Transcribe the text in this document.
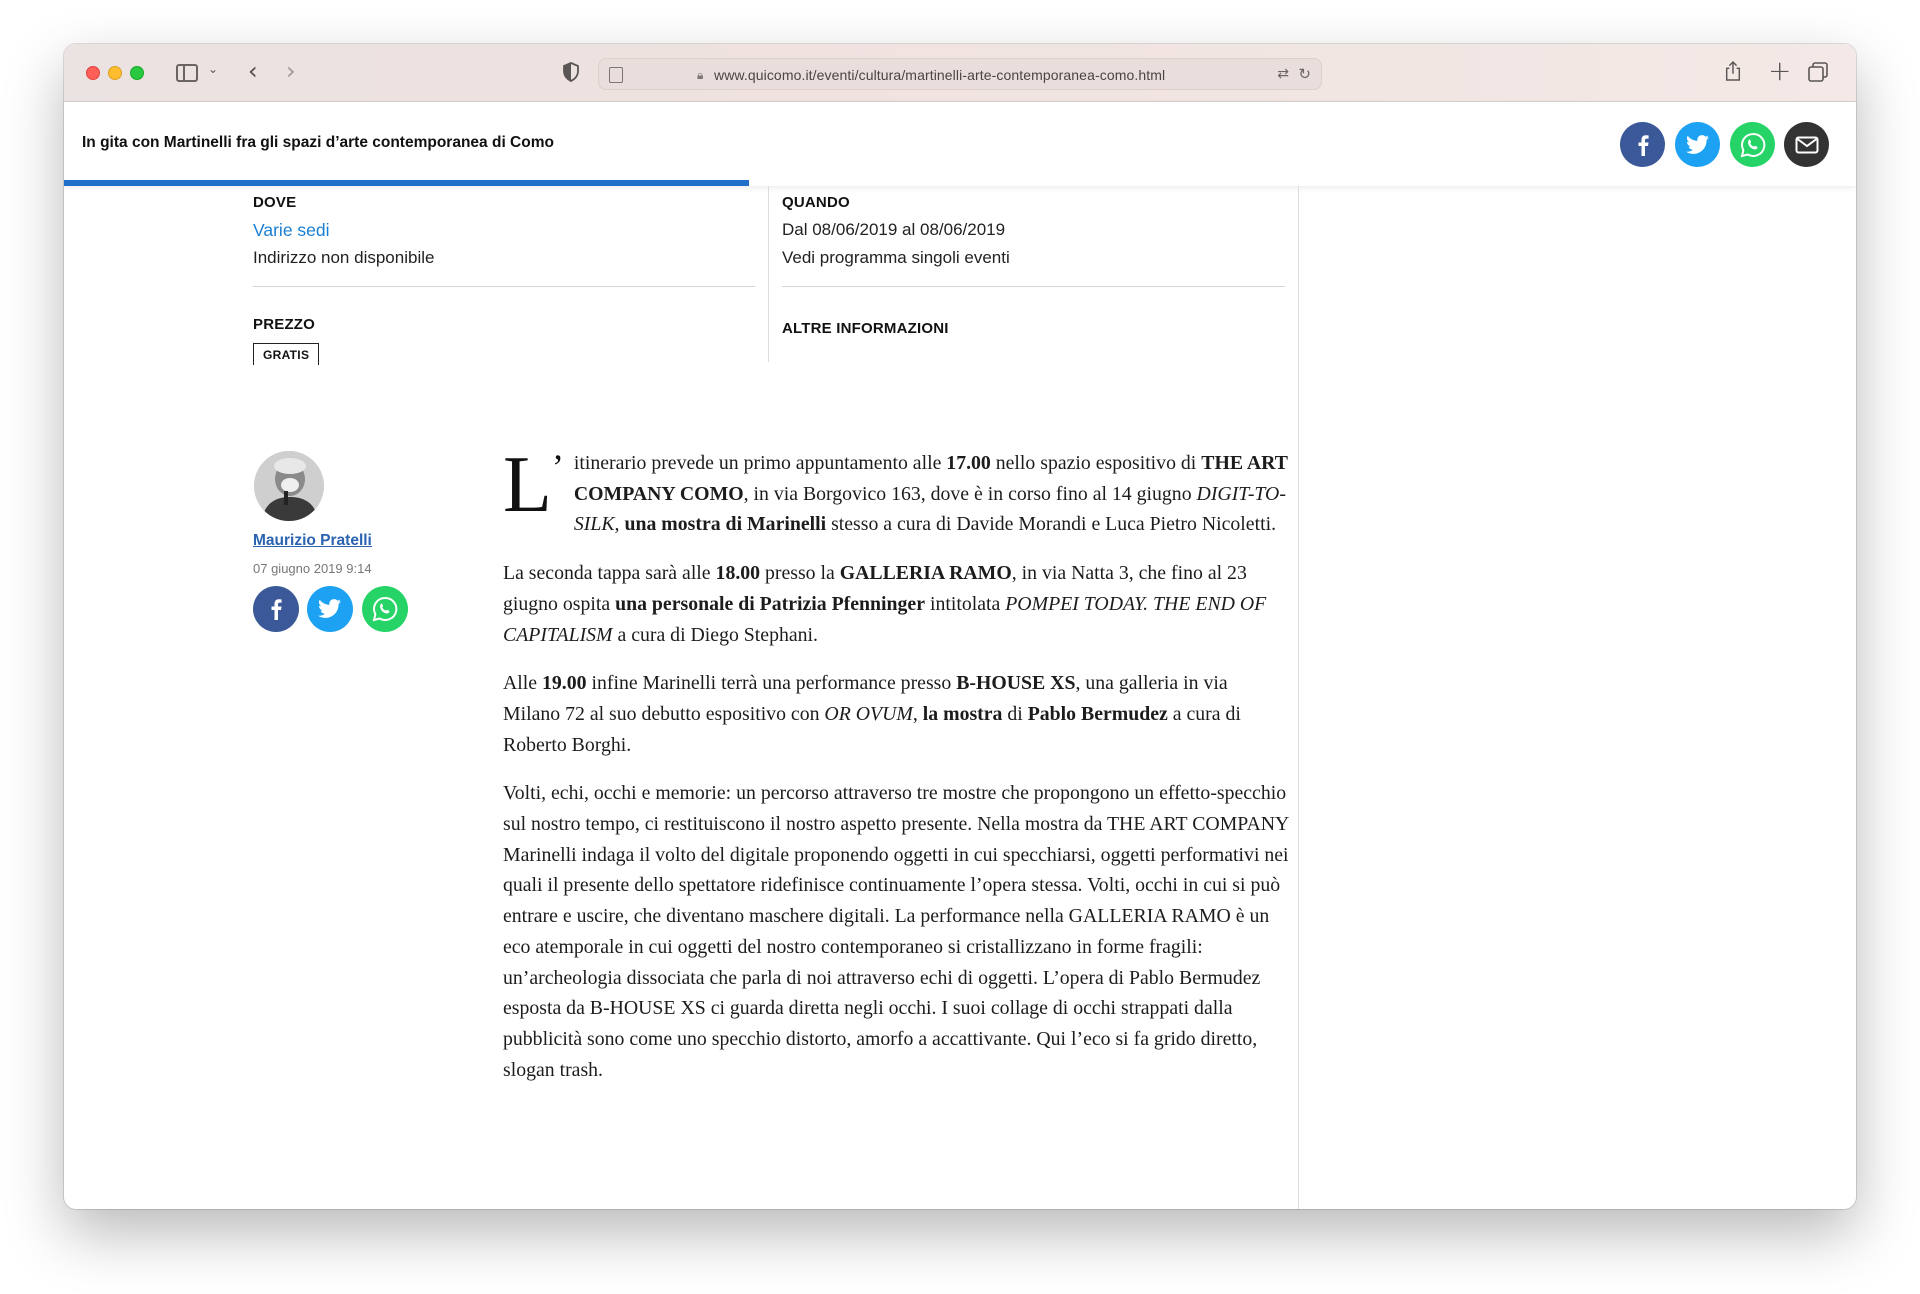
⌄ ‹ ›	🔒︎ www.quicomo.it/eventi/cultura/martinelli-arte-contemporanea-como.html	⇄ ↻	+
In gita con Martinelli fra gli spazi d’arte contemporanea di Como
DOVE
Varie sedi
Indirizzo non disponibile
QUANDO
Dal 08/06/2019 al 08/06/2019
Vedi programma singoli eventi
PREZZO
GRATIS
ALTRE INFORMAZIONI
Maurizio Pratelli
07 giugno 2019 9:14

L’ itinerario prevede un primo appuntamento alle 17.00 nello spazio espositivo di THE ART COMPANY COMO, in via Borgovico 163, dove è in corso fino al 14 giugno DIGIT-TO-SILK, una mostra di Marinelli stesso a cura di Davide Morandi e Luca Pietro Nicoletti.

La seconda tappa sarà alle 18.00 presso la GALLERIA RAMO, in via Natta 3, che fino al 23 giugno ospita una personale di Patrizia Pfenninger intitolata POMPEI TODAY. THE END OF CAPITALISM a cura di Diego Stephani.

Alle 19.00 infine Marinelli terrà una performance presso B-HOUSE XS, una galleria in via Milano 72 al suo debutto espositivo con OR OVUM, la mostra di Pablo Bermudez a cura di Roberto Borghi.

Volti, echi, occhi e memorie: un percorso attraverso tre mostre che propongono un effetto-specchio sul nostro tempo, ci restituiscono il nostro aspetto presente. Nella mostra da THE ART COMPANY Marinelli indaga il volto del digitale proponendo oggetti in cui specchiarsi, oggetti performativi nei quali il presente dello spettatore ridefinisce continuamente l’opera stessa. Volti, occhi in cui si può entrare e uscire, che diventano maschere digitali. La performance nella GALLERIA RAMO è un eco atemporale in cui oggetti del nostro contemporaneo si cristallizzano in forme fragili: un’archeologia dissociata che parla di noi attraverso echi di oggetti. L’opera di Pablo Bermudez esposta da B-HOUSE XS ci guarda diretta negli occhi. I suoi collage di occhi strappati dalla pubblicità sono come uno specchio distorto, amorfo a accattivante. Qui l’eco si fa grido diretto, slogan trash.
